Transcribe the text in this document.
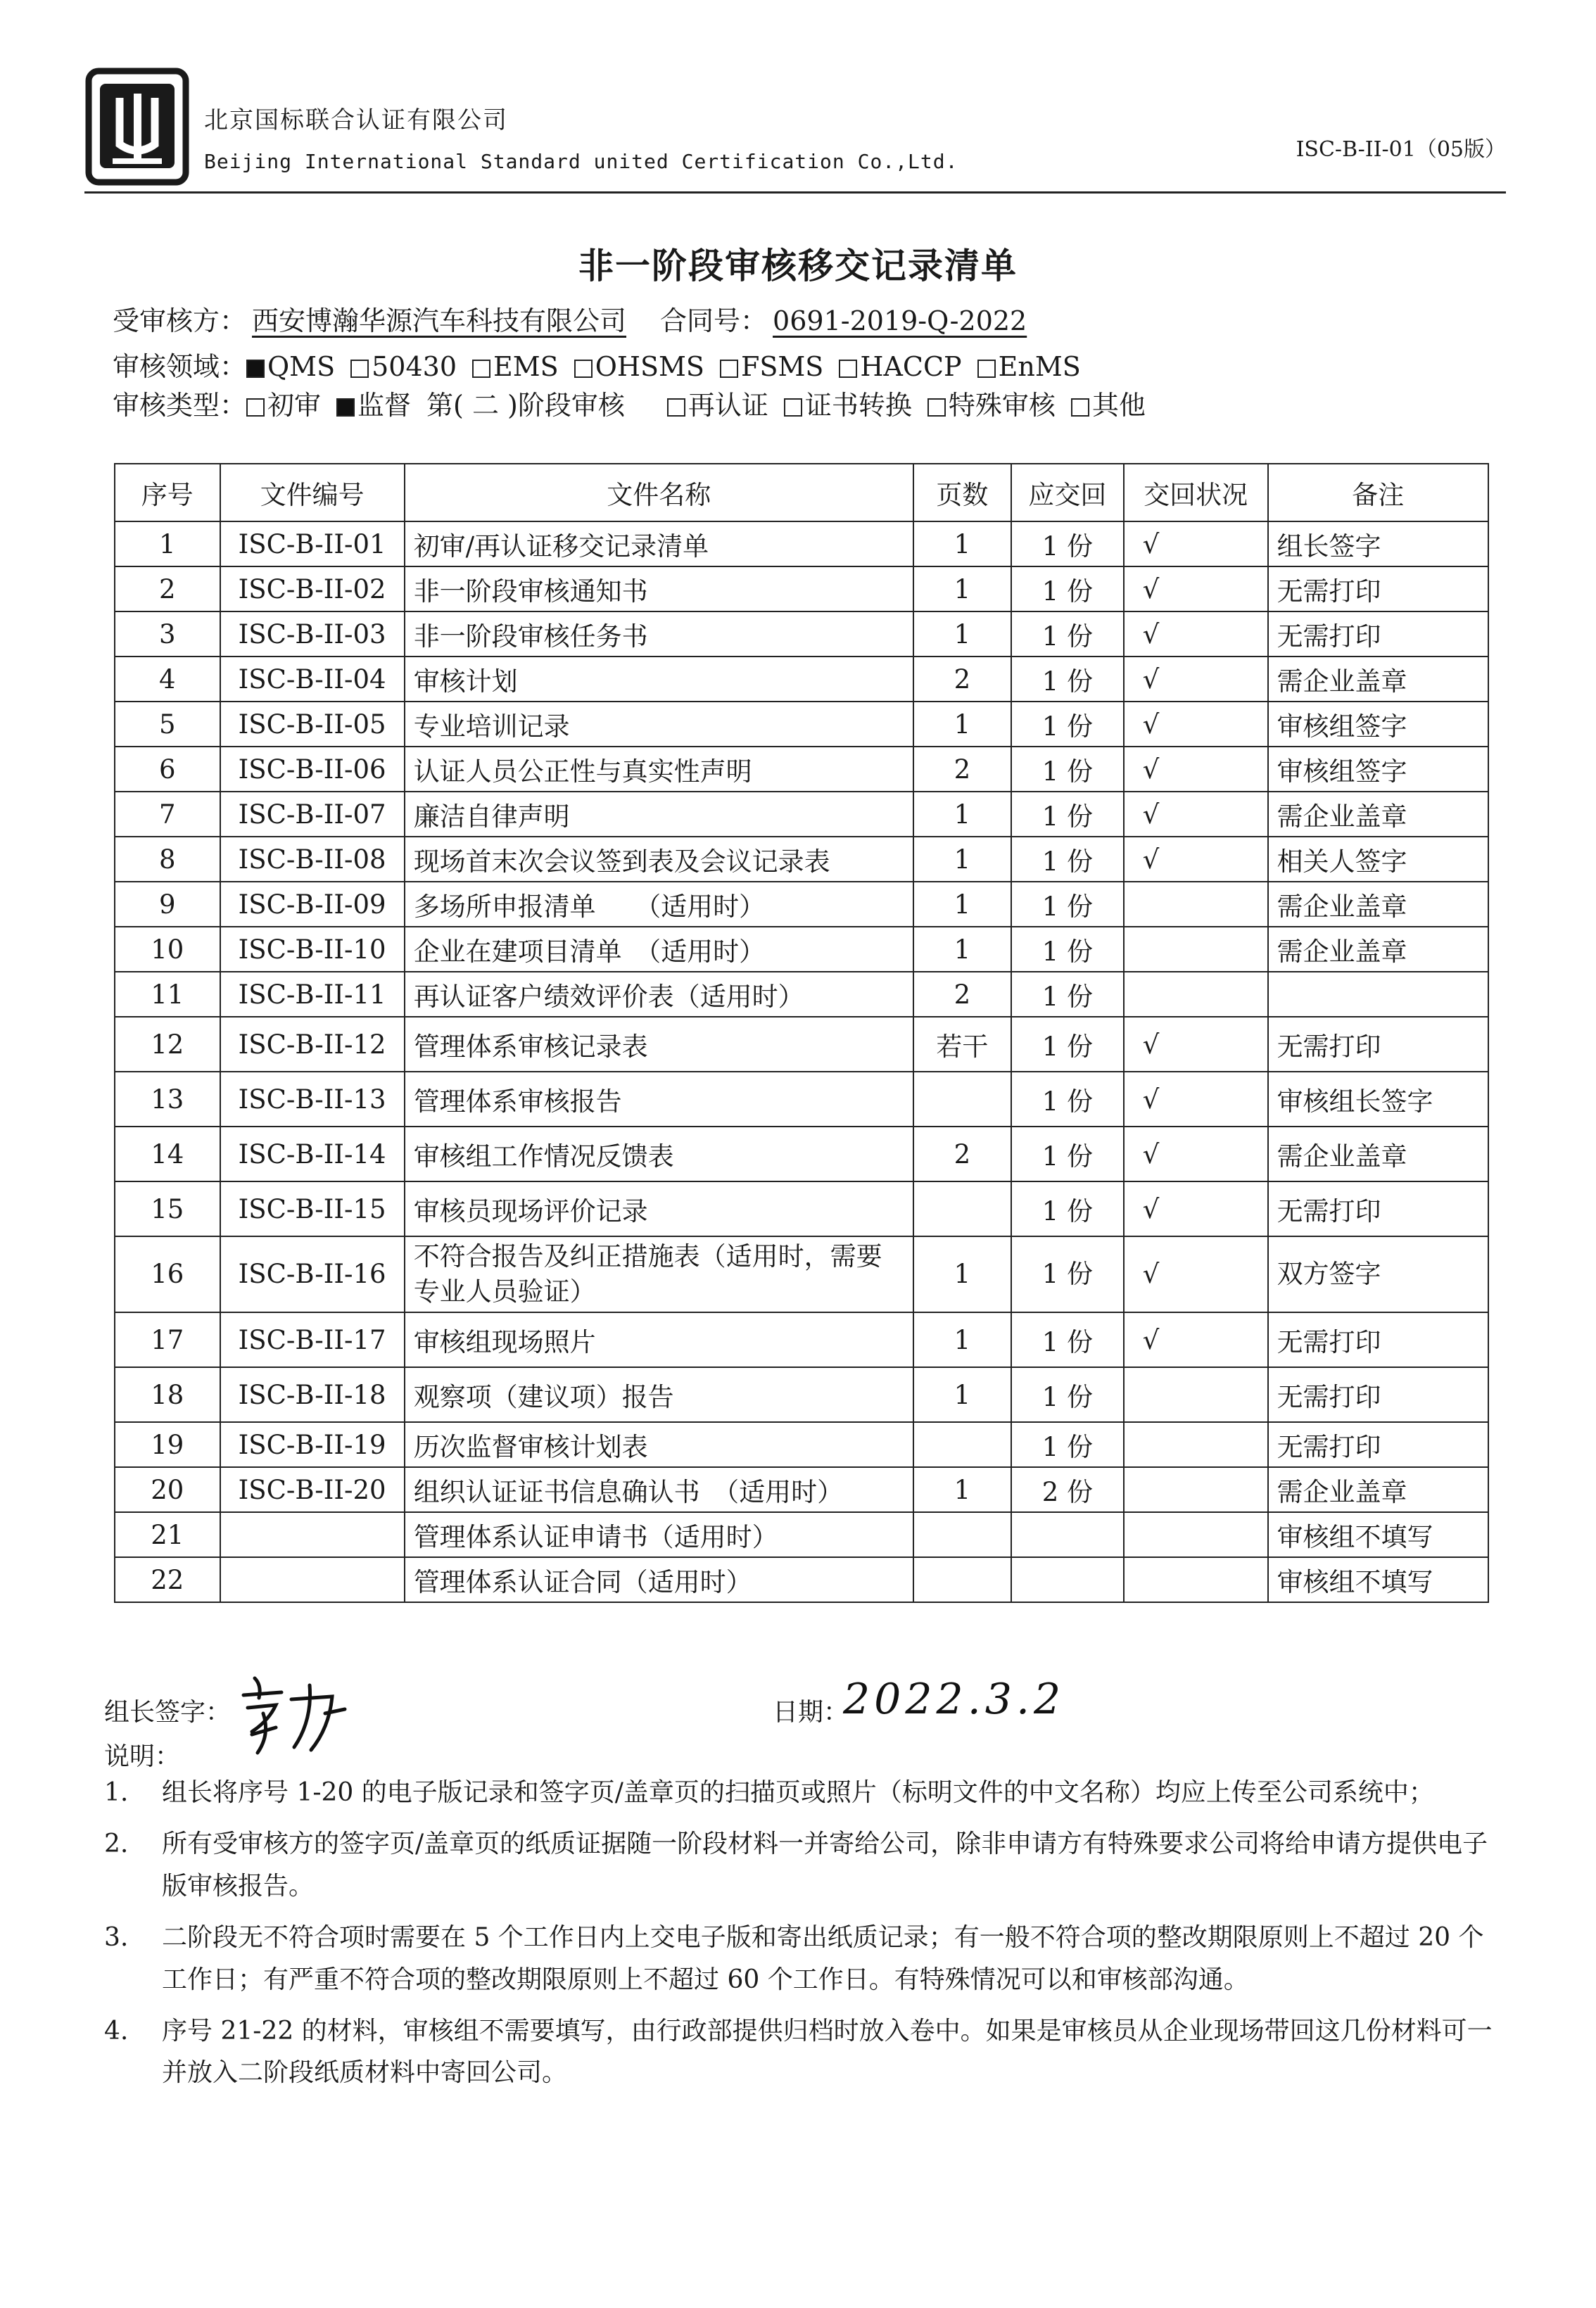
北京国标联合认证有限公司
Beijing International Standard united Certification Co.,Ltd.	ISC-B-II-01（05版）
非一阶段审核移交记录清单
受审核方： 西安博瀚华源汽车科技有限公司 合同号： 0691-2019-Q-2022
审核领域： QMS 50430 EMS OHSMS FSMS HACCP EnMS
审核类型： 初审 监督 第( 二 )阶段审核 再认证 证书转换 特殊审核 其他
序号	文件编号	文件名称	页数	应交回	交回状况	备注
1	ISC-B-II-01	初审/再认证移交记录清单	1	1 份	√	组长签字
2	ISC-B-II-02	非一阶段审核通知书	1	1 份	√	无需打印
3	ISC-B-II-03	非一阶段审核任务书	1	1 份	√	无需打印
4	ISC-B-II-04	审核计划	2	1 份	√	需企业盖章
5	ISC-B-II-05	专业培训记录	1	1 份	√	审核组签字
6	ISC-B-II-06	认证人员公正性与真实性声明	2	1 份	√	审核组签字
7	ISC-B-II-07	廉洁自律声明	1	1 份	√	需企业盖章
8	ISC-B-II-08	现场首末次会议签到表及会议记录表	1	1 份	√	相关人签字
9	ISC-B-II-09	多场所申报清单　　（适用时）	1	1 份		需企业盖章
10	ISC-B-II-10	企业在建项目清单　（适用时）	1	1 份		需企业盖章
11	ISC-B-II-11	再认证客户绩效评价表（适用时）	2	1 份		
12	ISC-B-II-12	管理体系审核记录表	若干	1 份	√	无需打印
13	ISC-B-II-13	管理体系审核报告		1 份	√	审核组长签字
14	ISC-B-II-14	审核组工作情况反馈表	2	1 份	√	需企业盖章
15	ISC-B-II-15	审核员现场评价记录		1 份	√	无需打印
16	ISC-B-II-16	不符合报告及纠正措施表（适用时，需要专业人员验证）	1	1 份	√	双方签字
17	ISC-B-II-17	审核组现场照片	1	1 份	√	无需打印
18	ISC-B-II-18	观察项（建议项）报告	1	1 份		无需打印
19	ISC-B-II-19	历次监督审核计划表		1 份		无需打印
20	ISC-B-II-20	组织认证证书信息确认书　（适用时）	1	2 份		需企业盖章
21		管理体系认证申请书（适用时）				审核组不填写
22		管理体系认证合同（适用时）				审核组不填写
组长签字：	日期：
2022.3.2
说明：
1. 组长将序号 1-20 的电子版记录和签字页/盖章页的扫描页或照片（标明文件的中文名称）均应上传至公司系统中；
2. 所有受审核方的签字页/盖章页的纸质证据随一阶段材料一并寄给公司，除非申请方有特殊要求公司将给申请方提供电子版审核报告。
3. 二阶段无不符合项时需要在 5 个工作日内上交电子版和寄出纸质记录；有一般不符合项的整改期限原则上不超过 20 个工作日；有严重不符合项的整改期限原则上不超过 60 个工作日。有特殊情况可以和审核部沟通。
4. 序号 21-22 的材料，审核组不需要填写，由行政部提供归档时放入卷中。如果是审核员从企业现场带回这几份材料可一并放入二阶段纸质材料中寄回公司。
